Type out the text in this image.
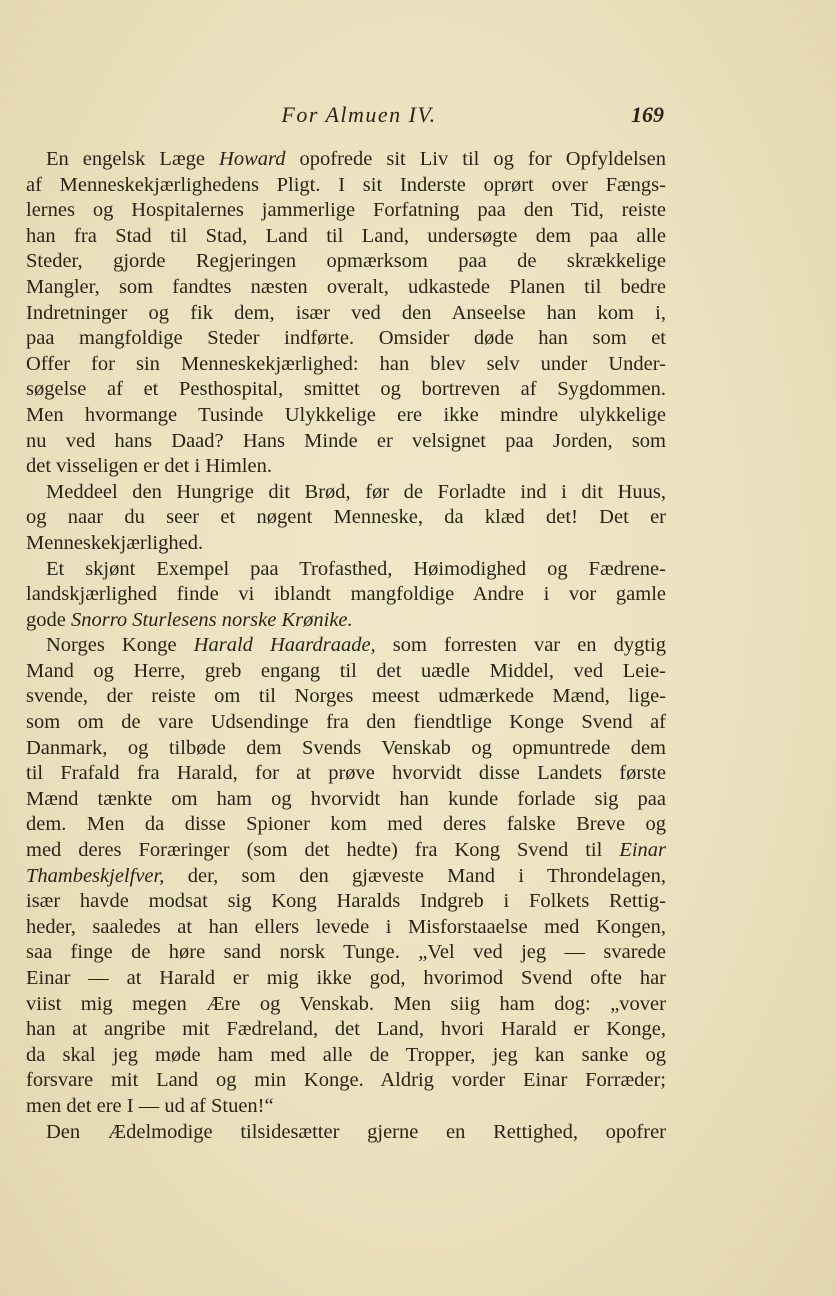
For Almuen IV.	169
En engelsk Læge Howard opofrede sit Liv til og for Opfyldelsen
af Menneskekjærlighedens Pligt. I sit Inderste oprørt over Fængs-
lernes og Hospitalernes jammerlige Forfatning paa den Tid, reiste
han fra Stad til Stad, Land til Land, undersøgte dem paa alle
Steder, gjorde Regjeringen opmærksom paa de skrækkelige
Mangler, som fandtes næsten overalt, udkastede Planen til bedre
Indretninger og fik dem, især ved den Anseelse han kom i,
paa mangfoldige Steder indførte. Omsider døde han som et
Offer for sin Menneskekjærlighed: han blev selv under Under-
søgelse af et Pesthospital, smittet og bortreven af Sygdommen.
Men hvormange Tusinde Ulykkelige ere ikke mindre ulykkelige
nu ved hans Daad? Hans Minde er velsignet paa Jorden, som
det visseligen er det i Himlen.
Meddeel den Hungrige dit Brød, før de Forladte ind i dit Huus,
og naar du seer et nøgent Menneske, da klæd det! Det er
Menneskekjærlighed.
Et skjønt Exempel paa Trofasthed, Høimodighed og Fædrene-
landskjærlighed finde vi iblandt mangfoldige Andre i vor gamle
gode Snorro Sturlesens norske Krønike.
Norges Konge Harald Haardraade, som forresten var en dygtig
Mand og Herre, greb engang til det uædle Middel, ved Leie-
svende, der reiste om til Norges meest udmærkede Mænd, lige-
som om de vare Udsendinge fra den fiendtlige Konge Svend af
Danmark, og tilbøde dem Svends Venskab og opmuntrede dem
til Frafald fra Harald, for at prøve hvorvidt disse Landets første
Mænd tænkte om ham og hvorvidt han kunde forlade sig paa
dem. Men da disse Spioner kom med deres falske Breve og
med deres Foræringer (som det hedte) fra Kong Svend til Einar
Thambeskjelfver, der, som den gjæveste Mand i Throndelagen,
især havde modsat sig Kong Haralds Indgreb i Folkets Rettig-
heder, saaledes at han ellers levede i Misforstaaelse med Kongen,
saa finge de høre sand norsk Tunge. „Vel ved jeg — svarede
Einar — at Harald er mig ikke god, hvorimod Svend ofte har
viist mig megen Ære og Venskab. Men siig ham dog: „vover
han at angribe mit Fædreland, det Land, hvori Harald er Konge,
da skal jeg møde ham med alle de Tropper, jeg kan sanke og
forsvare mit Land og min Konge. Aldrig vorder Einar Forræder;
men det ere I — ud af Stuen!“
Den Ædelmodige tilsidesætter gjerne en Rettighed, opofrer
